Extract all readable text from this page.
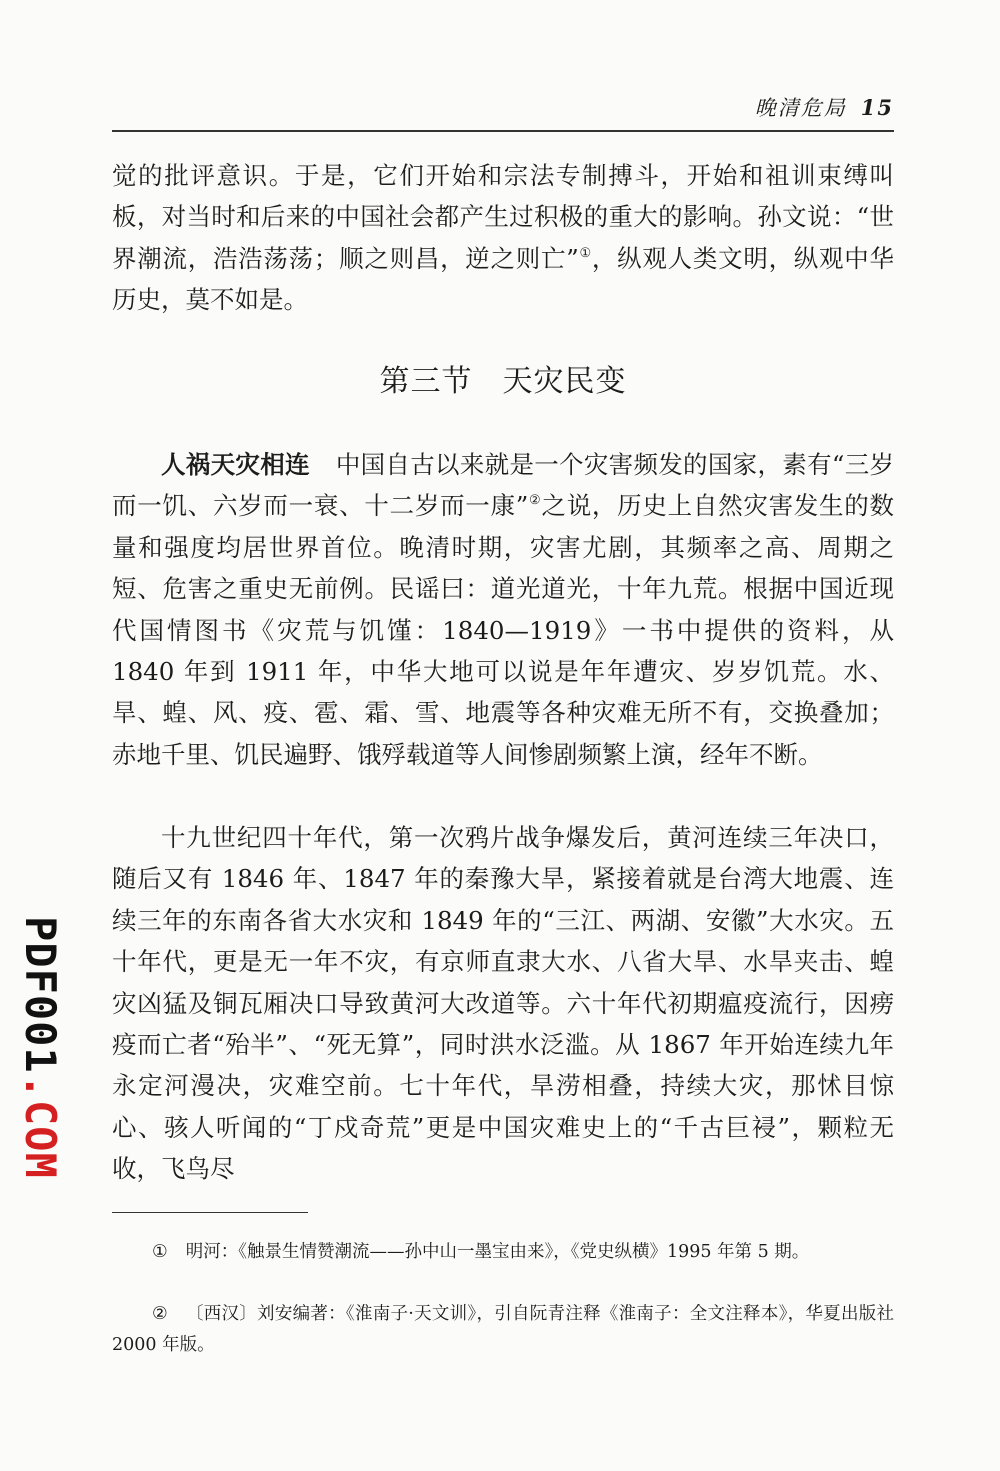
晚清危局 15

觉的批评意识。于是，它们开始和宗法专制搏斗，开始和祖训束缚叫板，对当时和后来的中国社会都产生过积极的重大的影响。孙文说：“世界潮流，浩浩荡荡；顺之则昌，逆之则亡”①，纵观人类文明，纵观中华历史，莫不如是。

第三节 天灾民变

人祸天灾相连 中国自古以来就是一个灾害频发的国家，素有“三岁而一饥、六岁而一衰、十二岁而一康”②之说，历史上自然灾害发生的数量和强度均居世界首位。晚清时期，灾害尤剧，其频率之高、周期之短、危害之重史无前例。民谣曰：道光道光，十年九荒。根据中国近现代国情图书《灾荒与饥馑：1840—1919》一书中提供的资料，从 1840 年到 1911 年，中华大地可以说是年年遭灾、岁岁饥荒。水、旱、蝗、风、疫、雹、霜、雪、地震等各种灾难无所不有，交换叠加；赤地千里、饥民遍野、饿殍载道等人间惨剧频繁上演，经年不断。

十九世纪四十年代，第一次鸦片战争爆发后，黄河连续三年决口，随后又有 1846 年、1847 年的秦豫大旱，紧接着就是台湾大地震、连续三年的东南各省大水灾和 1849 年的“三江、两湖、安徽”大水灾。五十年代，更是无一年不灾，有京师直隶大水、八省大旱、水旱夹击、蝗灾凶猛及铜瓦厢决口导致黄河大改道等。六十年代初期瘟疫流行，因痨疫而亡者“殆半”、“死无算”，同时洪水泛滥。从 1867 年开始连续九年永定河漫决，灾难空前。七十年代，旱涝相叠，持续大灾，那怵目惊心、骇人听闻的“丁戍奇荒”更是中国灾难史上的“千古巨祲”，颗粒无收，飞鸟尽

① 明河：《触景生情赞潮流——孙中山一墨宝由来》，《党史纵横》1995 年第 5 期。

② 〔西汉〕刘安编著：《淮南子·天文训》，引自阮青注释《淮南子：全文注释本》，华夏出版社 2000 年版。

PDF001.COM
